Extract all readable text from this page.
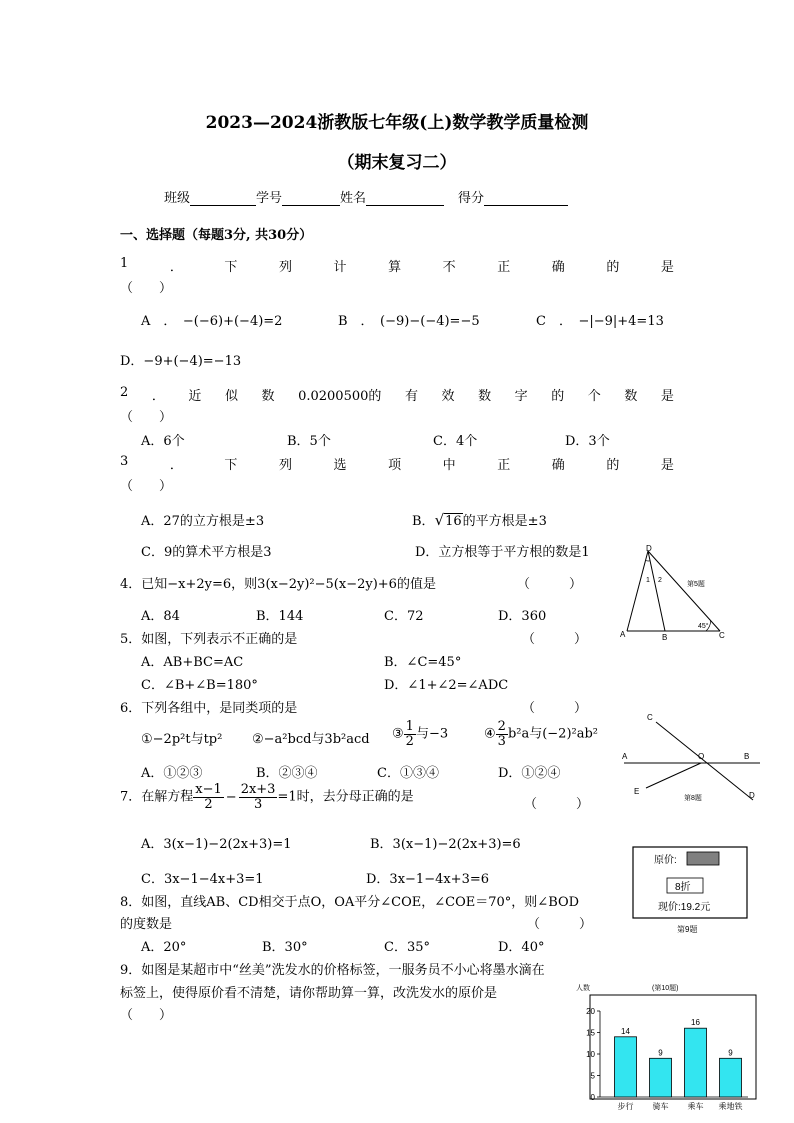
2023—2024浙教版七年级(上)数学教学质量检测
（期末复习二）
班级	学号	姓名	得分
一、选择题（每题3分, 共30分）
1	．	下	列	计	算	不	正	确	的	是
（　　）
A　．　−(−6)+(−4)=2	B　．　(−9)−(−4)=−5	C　．　−|−9|+4=13
D．−9+(−4)=−13
2 ． 近 似 数 0.0200500的 有 效 数 字 的 个 数 是
（　　）
A．6个	B．5个	C．4个	D．3个
3	．	下	列	选	项	中	正	确	的	是
（　　）
A．27的立方根是±3	B．√16的平方根是±3
C．9的算术平方根是3	D．立方根等于平方根的数是1
4．已知−x+2y=6，则3(x−2y)²−5(x−2y)+6的值是	（　　　）
A．84	B．144	C．72	D．360
5．如图，下列表示不正确的是	（　　　）
A．AB+BC=AC	B．∠C=45°
C．∠B+∠B=180°	D．∠1+∠2=∠ADC
6．下列各组中，是同类项的是	（　　　）
①−2p²t与tp² ②−a²bcd与3b²acd ③ $\frac{1}{2}$ 与−3	④ $\frac{2}{3} b^2a$与(−2)²ab²
A．①②③	B．②③④	C．①③④	D．①②④
7．在解方程 $\frac{x-1}{2} - \frac{2x+3}{3} =1$时，去分母正确的是	（　　　）
A．3(x−1)−2(2x+3)=1	B．3(x−1)−2(2x+3)=6
C．3x−1−4x+3=1	D．3x−1−4x+3=6
8．如图，直线AB、CD相交于点O，OA平分∠COE，∠COE＝70°，则∠BOD
的度数是	（　　　）
A．20°	B．30°	C．35°	D．40°
9．如图是某超市中“丝美”洗发水的价格标签，一服务员不小心将墨水滴在
标签上，使得原价看不清楚，请你帮助算一算，改洗发水的原价是
（　　）
D
A	B	C
1 2
45°
第5题
C
A	O	B
E	D
第8题
原价:
8折
现价:19.2元
第9题
人数	(第10题)
0
5
10
15
20
14
步行
9
骑车
16
乘车
9
乘地铁
